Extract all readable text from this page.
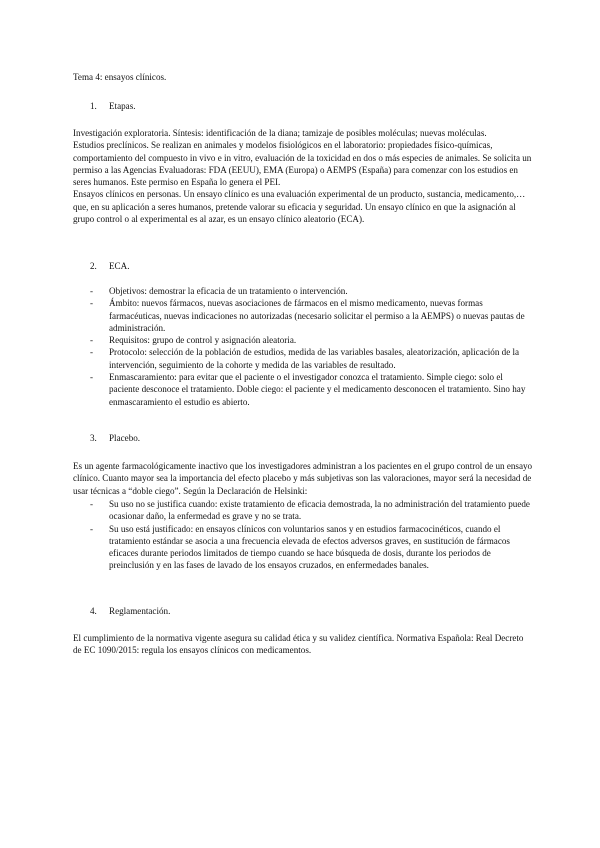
Tema 4: ensayos clínicos.
1. Etapas.

Investigación exploratoria. Síntesis: identificación de la diana; tamizaje de posibles moléculas; nuevas moléculas.

Estudios preclínicos. Se realizan en animales y modelos fisiológicos en el laboratorio: propiedades físico-químicas, comportamiento del compuesto in vivo e in vitro, evaluación de la toxicidad en dos o más especies de animales. Se solicita un permiso a las Agencias Evaluadoras: FDA (EEUU), EMA (Europa) o AEMPS (España) para comenzar con los estudios en seres humanos. Este permiso en España lo genera el PEI.

Ensayos clínicos en personas. Un ensayo clínico es una evaluación experimental de un producto, sustancia, medicamento,… que, en su aplicación a seres humanos, pretende valorar su eficacia y seguridad. Un ensayo clínico en que la asignación al grupo control o al experimental es al azar, es un ensayo clínico aleatorio (ECA).

2. ECA.
- Objetivos: demostrar la eficacia de un tratamiento o intervención.
- Ámbito: nuevos fármacos, nuevas asociaciones de fármacos en el mismo medicamento, nuevas formas farmacéuticas, nuevas indicaciones no autorizadas (necesario solicitar el permiso a la AEMPS) o nuevas pautas de administración.
- Requisitos: grupo de control y asignación aleatoria.
- Protocolo: selección de la población de estudios, medida de las variables basales, aleatorización, aplicación de la intervención, seguimiento de la cohorte y medida de las variables de resultado.
- Enmascaramiento: para evitar que el paciente o el investigador conozca el tratamiento. Simple ciego: solo el paciente desconoce el tratamiento. Doble ciego: el paciente y el medicamento desconocen el tratamiento. Sino hay enmascaramiento el estudio es abierto.
3. Placebo.

Es un agente farmacológicamente inactivo que los investigadores administran a los pacientes en el grupo control de un ensayo clínico. Cuanto mayor sea la importancia del efecto placebo y más subjetivas son las valoraciones, mayor será la necesidad de usar técnicas a “doble ciego”. Según la Declaración de Helsinki:

- Su uso no se justifica cuando: existe tratamiento de eficacia demostrada, la no administración del tratamiento puede ocasionar daño, la enfermedad es grave y no se trata.
- Su uso está justificado: en ensayos clínicos con voluntarios sanos y en estudios farmacocinéticos, cuando el tratamiento estándar se asocia a una frecuencia elevada de efectos adversos graves, en sustitución de fármacos eficaces durante periodos limitados de tiempo cuando se hace búsqueda de dosis, durante los periodos de preinclusión y en las fases de lavado de los ensayos cruzados, en enfermedades banales.
4. Reglamentación.

El cumplimiento de la normativa vigente asegura su calidad ética y su validez científica. Normativa Española: Real Decreto de EC 1090/2015: regula los ensayos clínicos con medicamentos.
